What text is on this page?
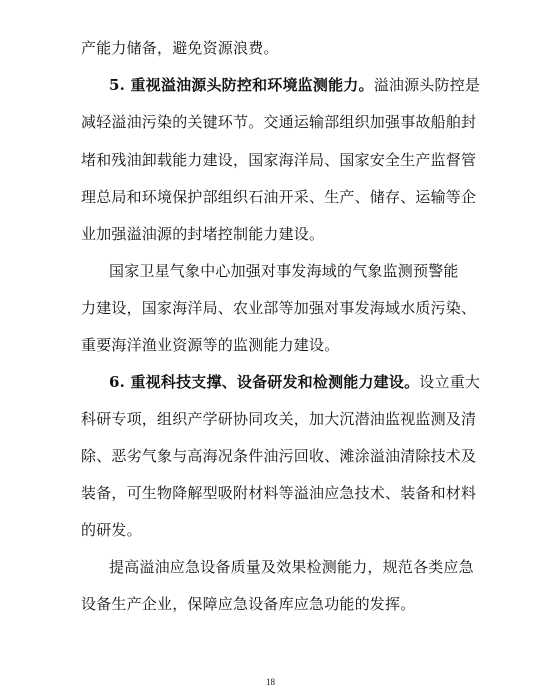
产能力储备，避免资源浪费。
5. 重视溢油源头防控和环境监测能力。溢油源头防控是
减轻溢油污染的关键环节。交通运输部组织加强事故船舶封
堵和残油卸载能力建设，国家海洋局、国家安全生产监督管
理总局和环境保护部组织石油开采、生产、储存、运输等企
业加强溢油源的封堵控制能力建设。
国家卫星气象中心加强对事发海域的气象监测预警能
力建设，国家海洋局、农业部等加强对事发海域水质污染、
重要海洋渔业资源等的监测能力建设。
6. 重视科技支撑、设备研发和检测能力建设。设立重大
科研专项，组织产学研协同攻关，加大沉潜油监视监测及清
除、恶劣气象与高海况条件油污回收、滩涂溢油清除技术及
装备，可生物降解型吸附材料等溢油应急技术、装备和材料
的研发。
提高溢油应急设备质量及效果检测能力，规范各类应急
设备生产企业，保障应急设备库应急功能的发挥。
18
